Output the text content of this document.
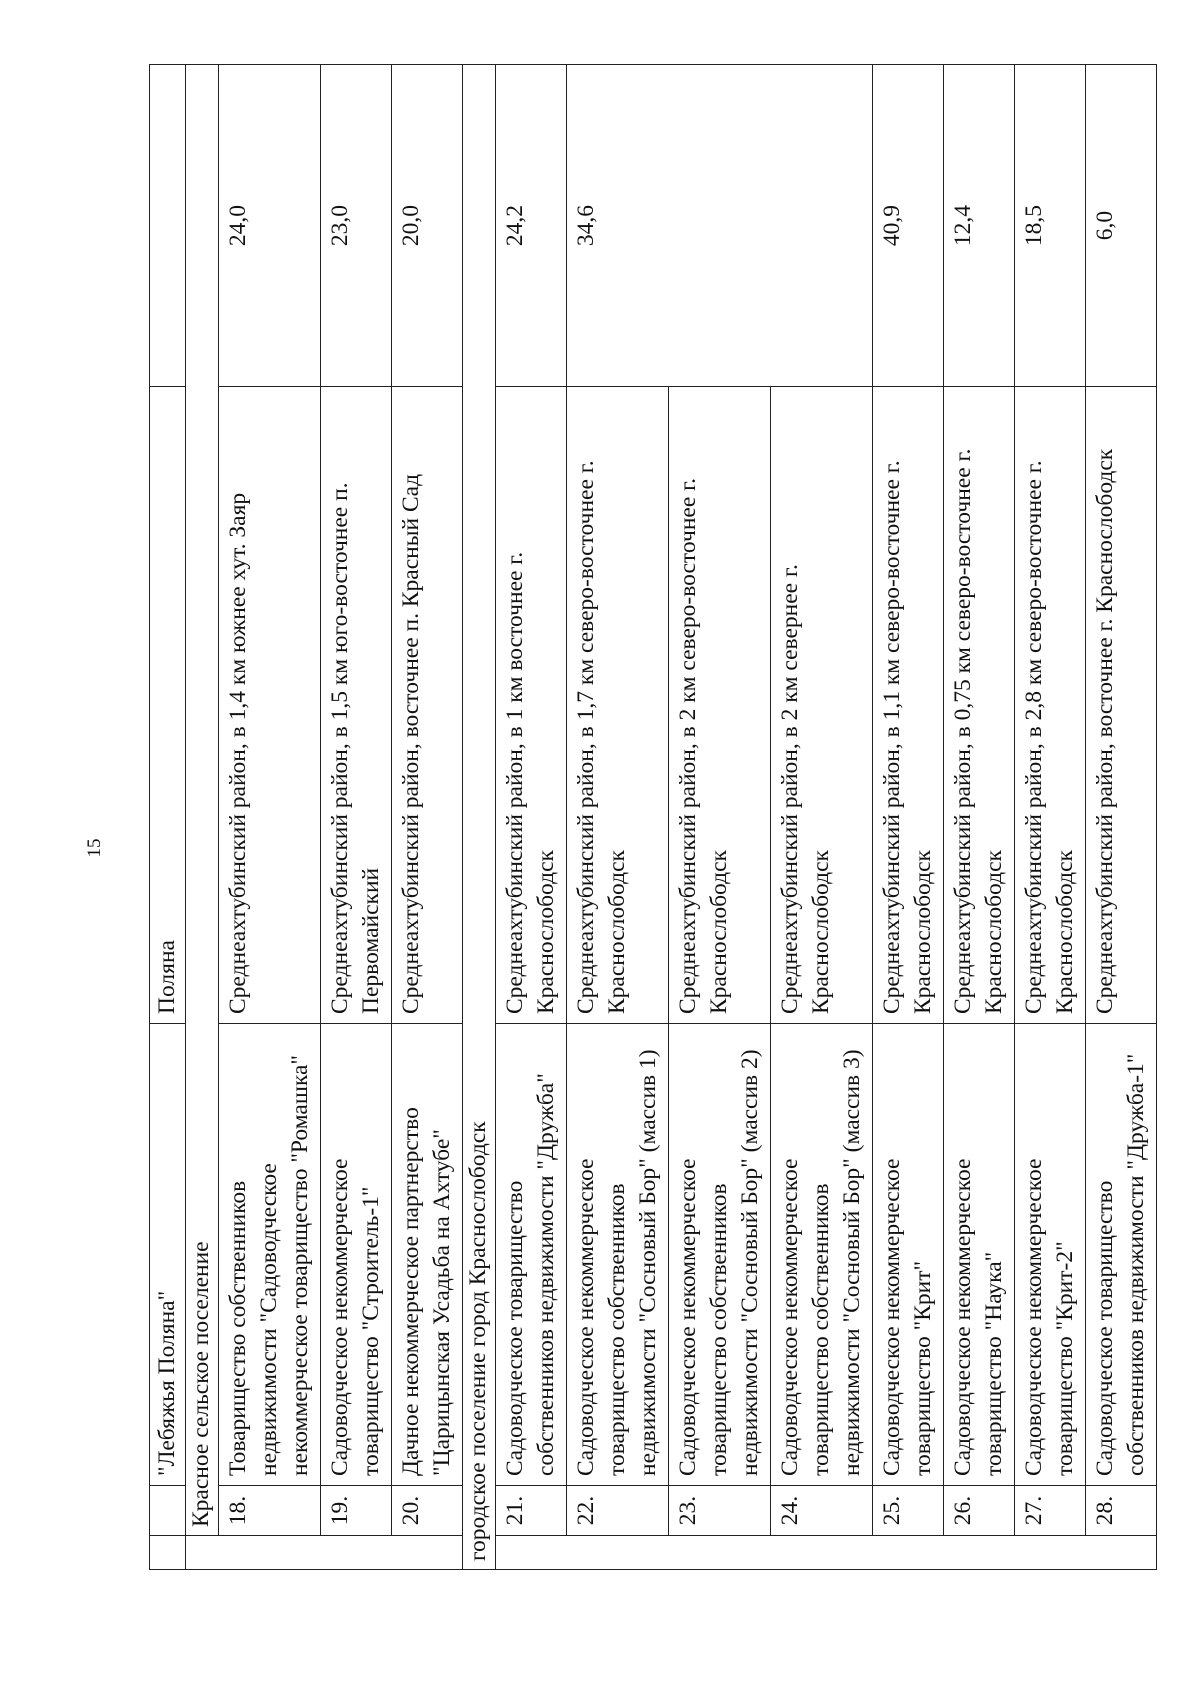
15
		"Лебяжья Поляна"	Поляна	
	Красное сельское поселение			
	18.	Товарищество собственников недвижимости "Садоводческое некоммерческое товарищество "Ромашка"	Среднеахтубинский район, в 1,4 км южнее хут. Заяр	24,0
	19.	Садоводческое некоммерческое товарищество "Строитель-1"	Среднеахтубинский район, в 1,5 км юго-восточнее п. Первомайский	23,0
	20.	Дачное некоммерческое партнерство "Царицынская Усадьба на Ахтубе"	Среднеахтубинский район, восточнее п. Красный Сад	20,0
городское поселение город Краснослободск				
	21.	Садоводческое товарищество собственников недвижимости "Дружба"	Среднеахтубинский район, в 1 км восточнее г. Краснослободск	24,2
	22.	Садоводческое некоммерческое товарищество собственников недвижимости "Сосновый Бор" (массив 1)	Среднеахтубинский район, в 1,7 км северо-восточнее г. Краснослободск	34,6
	23.	Садоводческое некоммерческое товарищество собственников недвижимости "Сосновый Бор" (массив 2)	Среднеахтубинский район, в 2 км северо-восточнее г. Краснослободск	
	24.	Садоводческое некоммерческое товарищество собственников недвижимости "Сосновый Бор" (массив 3)	Среднеахтубинский район, в 2 км севернее г. Краснослободск	
	25.	Садоводческое некоммерческое товарищество "Крит"	Среднеахтубинский район, в 1,1 км северо-восточнее г. Краснослободск	40,9
	26.	Садоводческое некоммерческое товарищество "Наука"	Среднеахтубинский район, в 0,75 км северо-восточнее г. Краснослободск	12,4
	27.	Садоводческое некоммерческое товарищество "Крит-2"	Среднеахтубинский район, в 2,8 км северо-восточнее г. Краснослободск	18,5
	28.	Садоводческое товарищество собственников недвижимости "Дружба-1"	Среднеахтубинский район, восточнее г. Краснослободск	6,0
